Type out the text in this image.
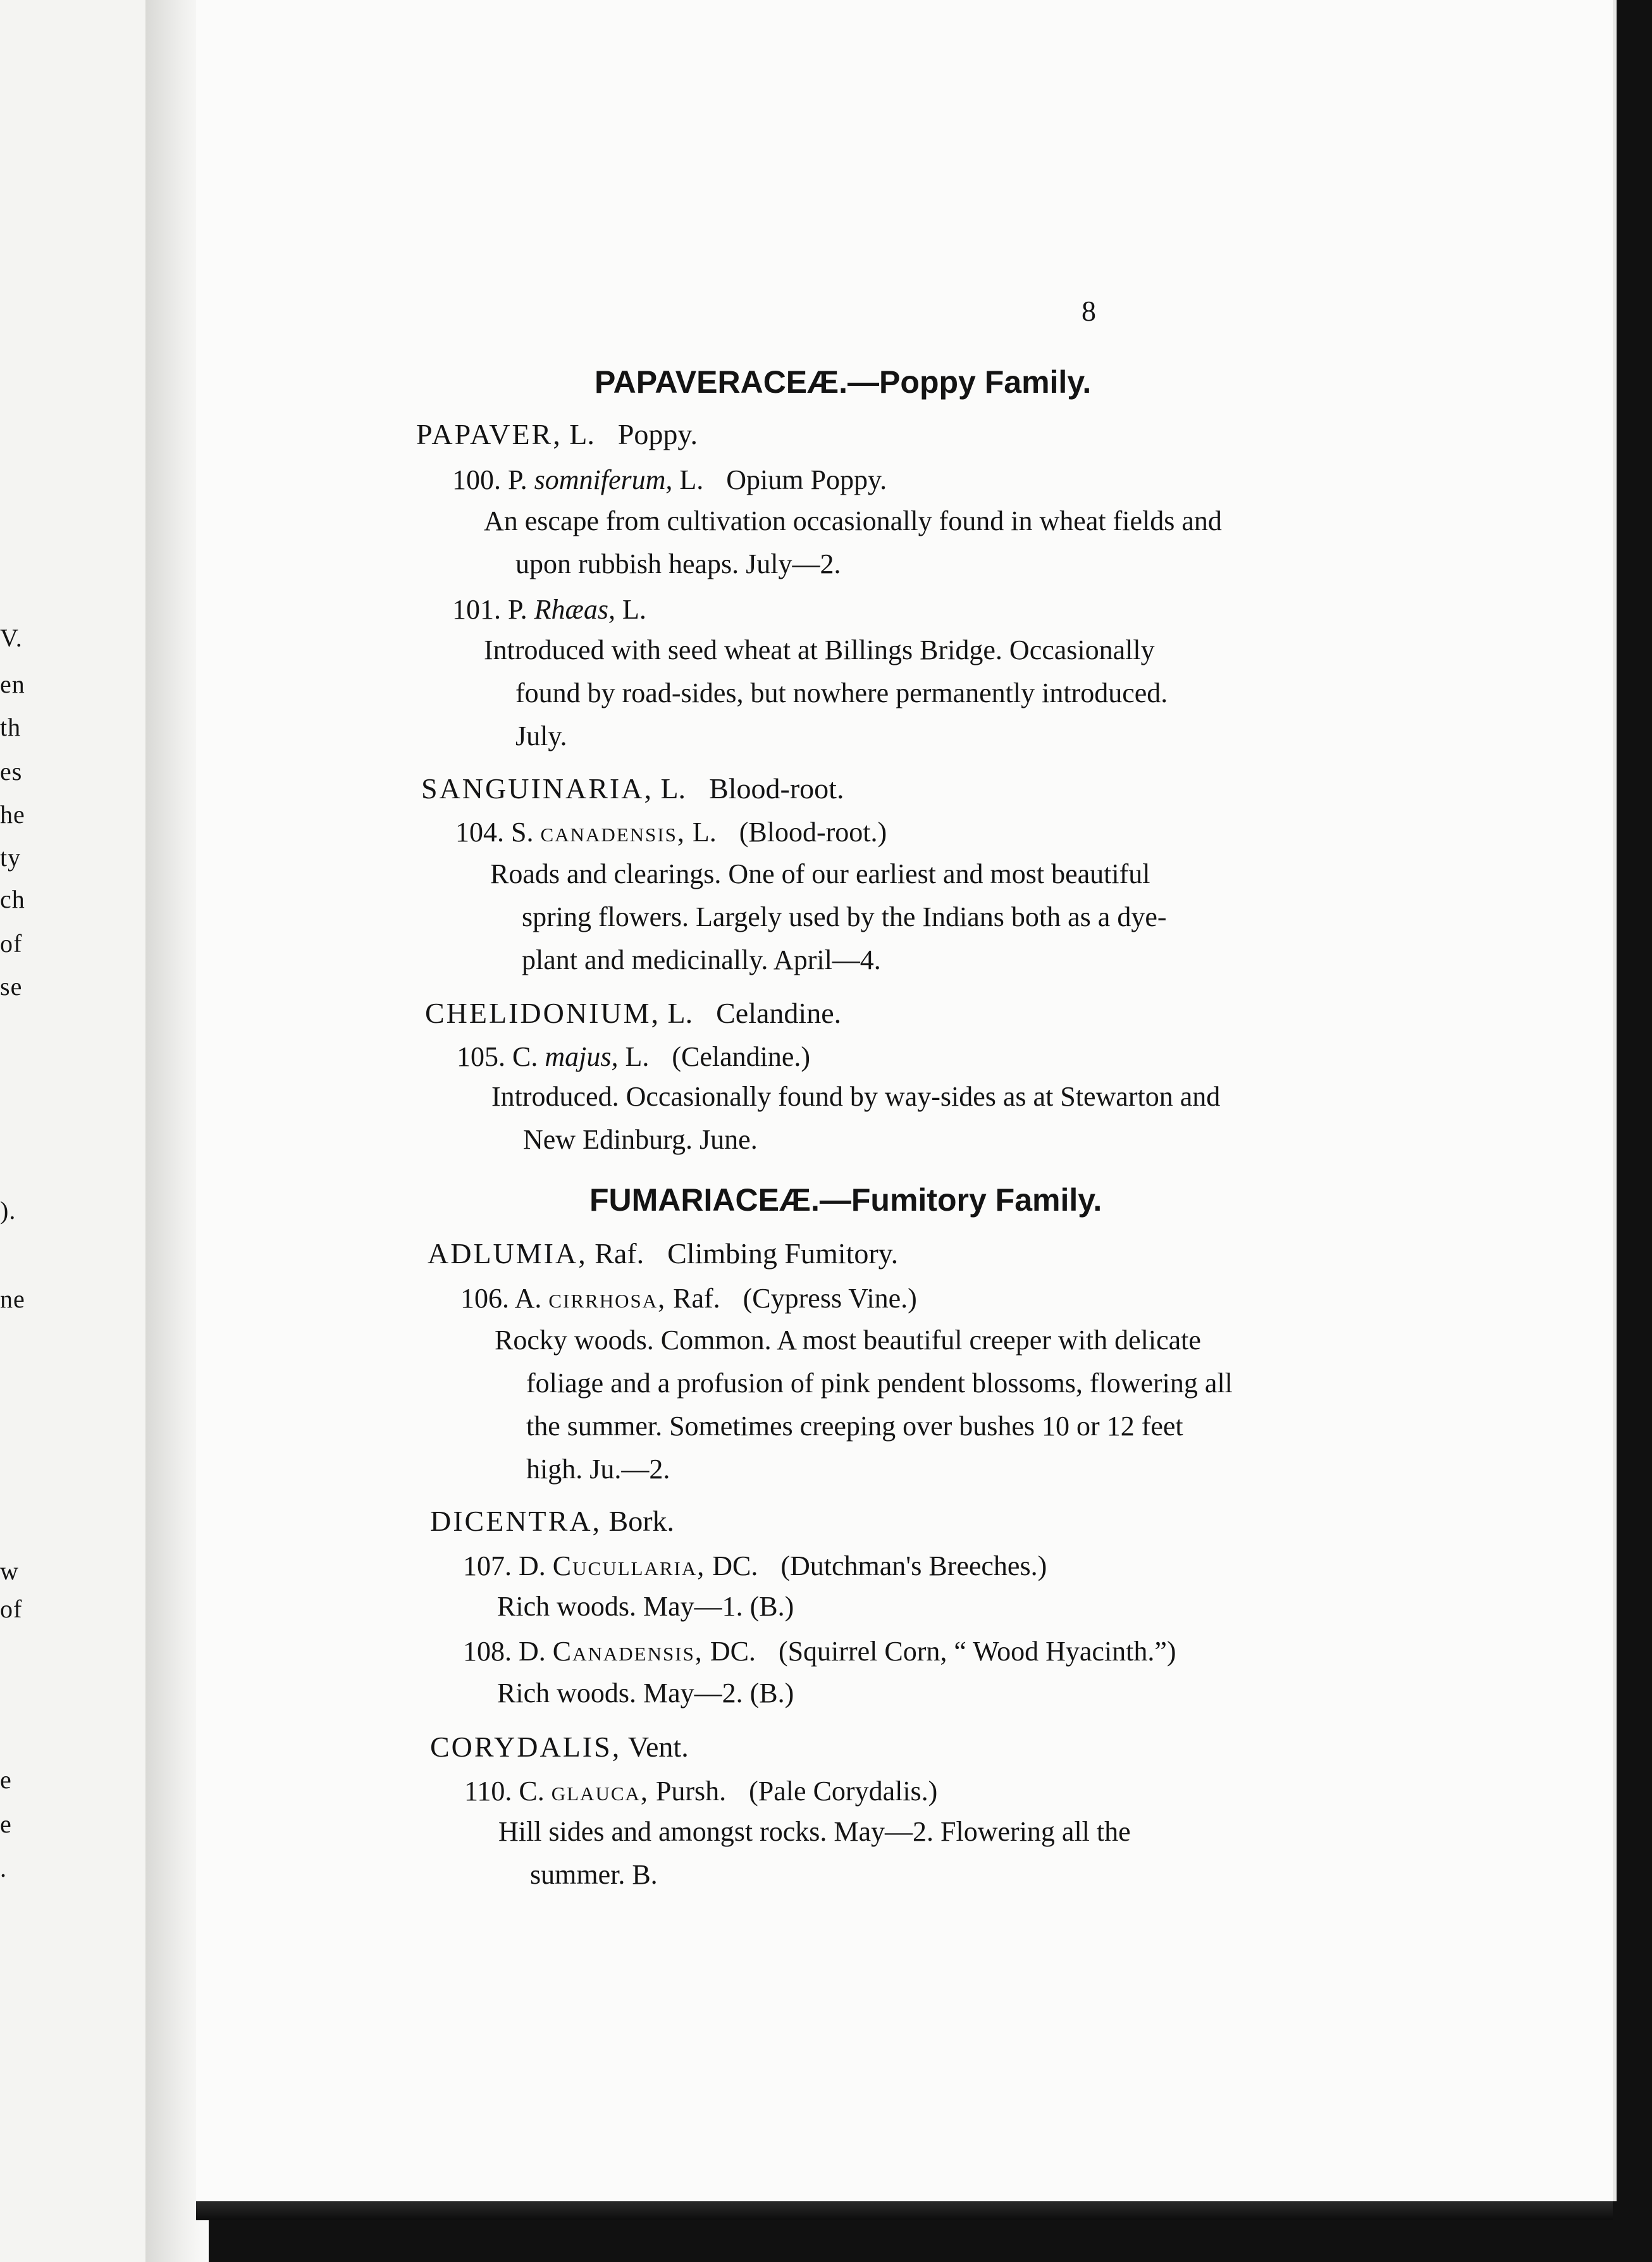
V.
en
th
es
he
ty
ch
of
se
).
ne
w
of
e
e
.
8
PAPAVERACEÆ.—Poppy Family.
PAPAVER, L. Poppy.
100. P. somniferum, L. Opium Poppy.
An escape from cultivation occasionally found in wheat fields and
upon rubbish heaps. July—2.
101. P. Rhæas, L.
Introduced with seed wheat at Billings Bridge. Occasionally
found by road-sides, but nowhere permanently introduced.
July.
SANGUINARIA, L. Blood-root.
104. S. canadensis, L. (Blood-root.)
Roads and clearings. One of our earliest and most beautiful
spring flowers. Largely used by the Indians both as a dye-
plant and medicinally. April—4.
CHELIDONIUM, L. Celandine.
105. C. majus, L. (Celandine.)
Introduced. Occasionally found by way-sides as at Stewarton and
New Edinburg. June.
FUMARIACEÆ.—Fumitory Family.
ADLUMIA, Raf. Climbing Fumitory.
106. A. cirrhosa, Raf. (Cypress Vine.)
Rocky woods. Common. A most beautiful creeper with delicate
foliage and a profusion of pink pendent blossoms, flowering all
the summer. Sometimes creeping over bushes 10 or 12 feet
high. Ju.—2.
DICENTRA, Bork.
107. D. Cucullaria, DC. (Dutchman's Breeches.)
Rich woods. May—1. (B.)
108. D. Canadensis, DC. (Squirrel Corn, “ Wood Hyacinth.”)
Rich woods. May—2. (B.)
CORYDALIS, Vent.
110. C. glauca, Pursh. (Pale Corydalis.)
Hill sides and amongst rocks. May—2. Flowering all the
summer. B.
